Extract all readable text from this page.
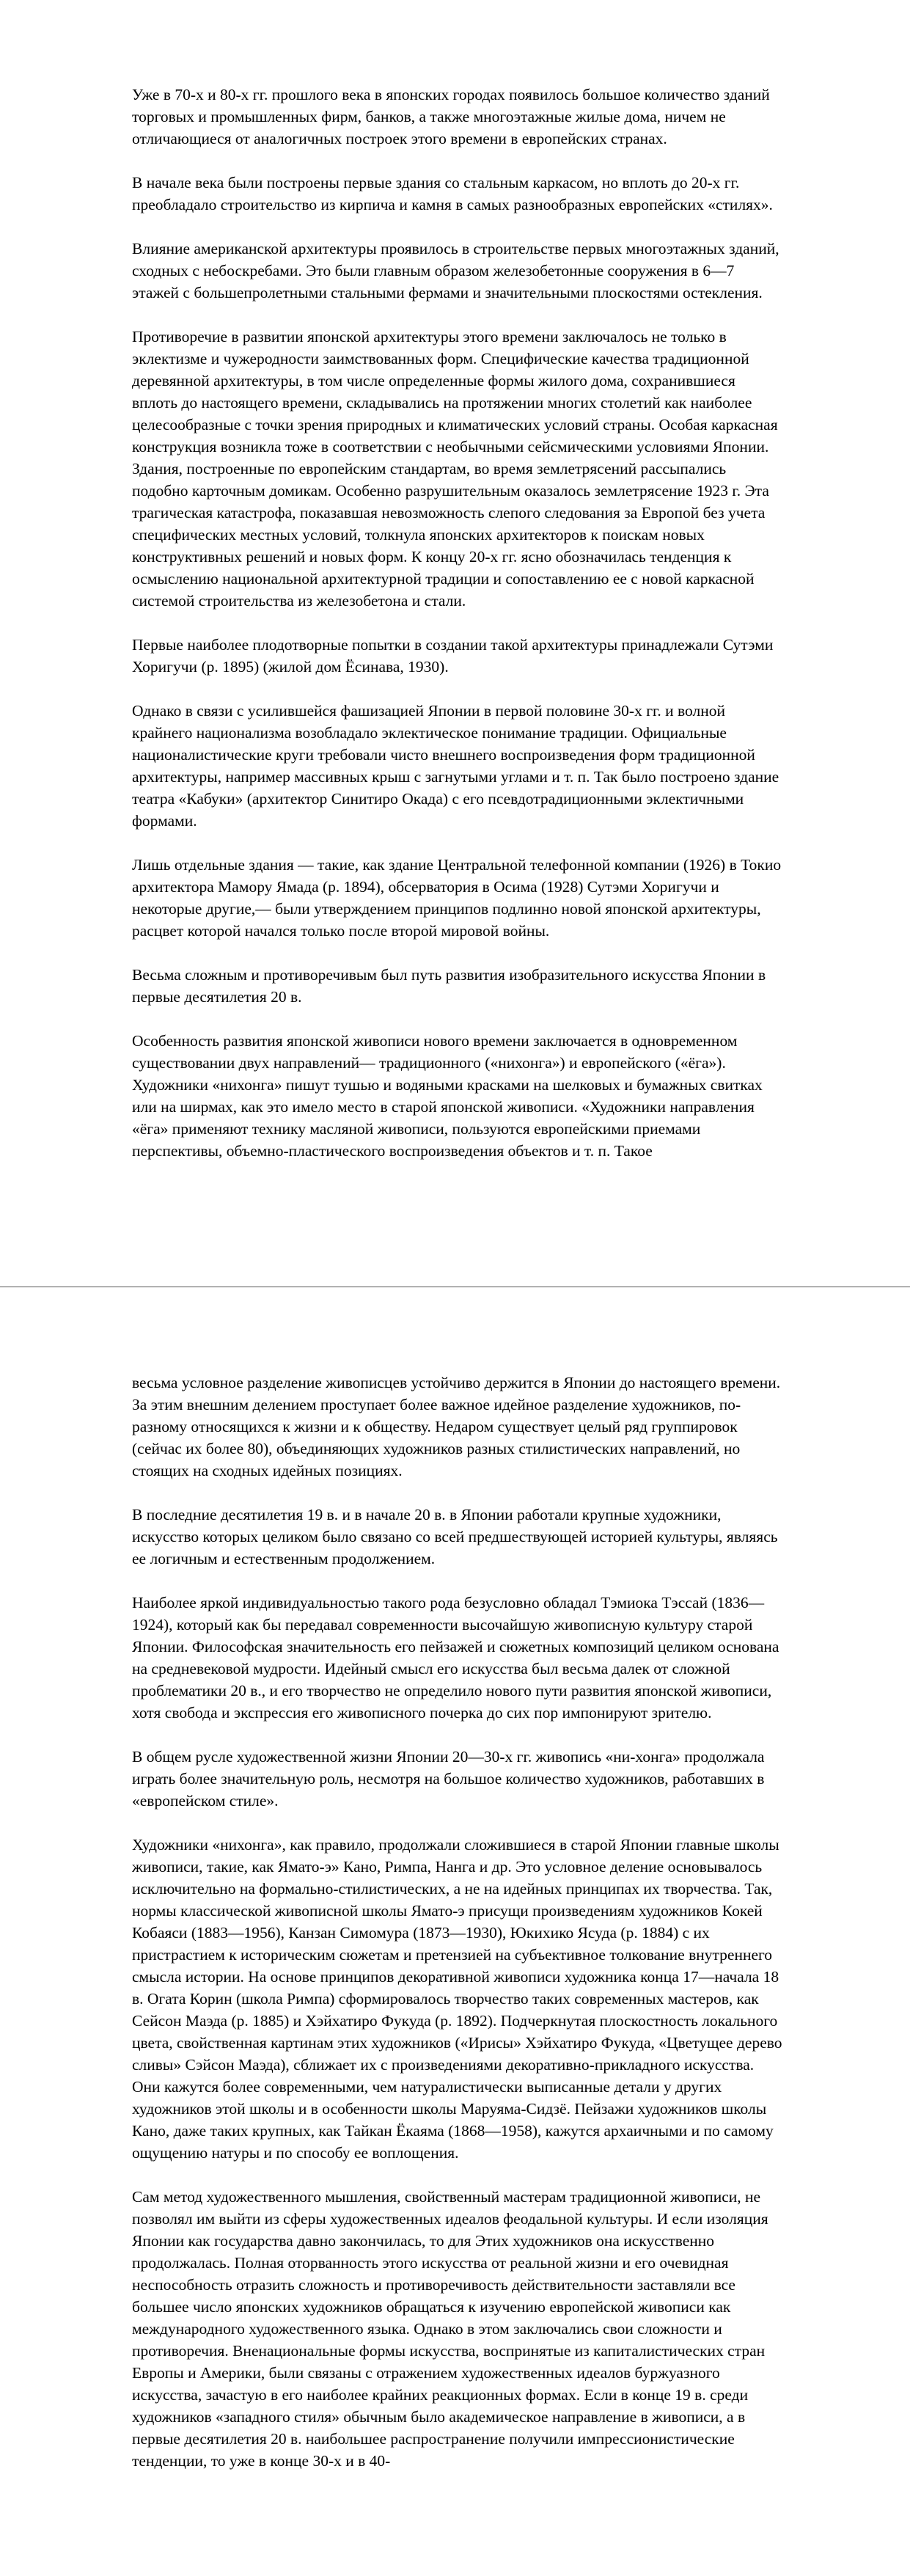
Уже в 70-х и 80-х гг. прошлого века в японских городах появилось большое количество зданий торговых и промышленных фирм, банков, а также многоэтажные жилые дома, ничем не отличающиеся от аналогичных построек этого времени в европейских странах.

В начале века были построены первые здания со стальным каркасом, но вплоть до 20-х гг. преобладало строительство из кирпича и камня в самых разнообразных европейских «стилях».

Влияние американской архитектуры проявилось в строительстве первых многоэтажных зданий, сходных с небоскребами. Это были главным образом железобетонные сооружения в 6—7 этажей с большепролетными стальными фермами и значительными плоскостями остекления.

Противоречие в развитии японской архитектуры этого времени заключалось не только в эклектизме и чужеродности заимствованных форм. Специфические качества традиционной деревянной архитектуры, в том числе определенные формы жилого дома, сохранившиеся вплоть до настоящего времени, складывались на протяжении многих столетий как наиболее целесообразные с точки зрения природных и климатических условий страны. Особая каркасная конструкция возникла тоже в соответствии с необычными сейсмическими условиями Японии. Здания, построенные по европейским стандартам, во время землетрясений рассыпались подобно карточным домикам. Особенно разрушительным оказалось землетрясение 1923 г. Эта трагическая катастрофа, показавшая невозможность слепого следования за Европой без учета специфических местных условий, толкнула японских архитекторов к поискам новых конструктивных решений и новых форм. К концу 20-х гг. ясно обозначилась тенденция к осмыслению национальной архитектурной традиции и сопоставлению ее с новой каркасной системой строительства из железобетона и стали.

Первые наиболее плодотворные попытки в создании такой архитектуры принадлежали Сутэми Хоригучи (р. 1895) (жилой дом Ёсинава, 1930).

Однако в связи с усилившейся фашизацией Японии в первой половине 30-х гг. и волной крайнего национализма возобладало эклектическое понимание традиции. Официальные националистические круги требовали чисто внешнего воспроизведения форм традиционной архитектуры, например массивных крыш с загнутыми углами и т. п. Так было построено здание театра «Кабуки» (архитектор Синитиро Окада) с его псевдотрадиционными эклектичными формами.

Лишь отдельные здания — такие, как здание Центральной телефонной компании (1926) в Токио архитектора Мамору Ямада (р. 1894), обсерватория в Осима (1928) Сутэми Хоригучи и некоторые другие,— были утверждением принципов подлинно новой японской архитектуры, расцвет которой начался только после второй мировой войны.

Весьма сложным и противоречивым был путь развития изобразительного искусства Японии в первые десятилетия 20 в.

Особенность развития японской живописи нового времени заключается в одновременном существовании двух направлений— традиционного («нихонга») и европейского («ёга»). Художники «нихонга» пишут тушью и водяными красками на шелковых и бумажных свитках или на ширмах, как это имело место в старой японской живописи. «Художники направления «ёга» применяют технику масляной живописи, пользуются европейскими приемами перспективы, объемно-пластического воспроизведения объектов и т. п. Такое

весьма условное разделение живописцев устойчиво держится в Японии до настоящего времени. За этим внешним делением проступает более важное идейное разделение художников, по-разному относящихся к жизни и к обществу. Недаром существует целый ряд группировок (сейчас их более 80), объединяющих художников разных стилистических направлений, но стоящих на сходных идейных позициях.

В последние десятилетия 19 в. и в начале 20 в. в Японии работали крупные художники, искусство которых целиком было связано со всей предшествующей историей культуры, являясь ее логичным и естественным продолжением.

Наиболее яркой индивидуальностью такого рода безусловно обладал Тэмиока Тэссай (1836—1924), который как бы передавал современности высочайшую живописную культуру старой Японии. Философская значительность его пейзажей и сюжетных композиций целиком основана на средневековой мудрости. Идейный смысл его искусства был весьма далек от сложной проблематики 20 в., и его творчество не определило нового пути развития японской живописи, хотя свобода и экспрессия его живописного почерка до сих пор импонируют зрителю.

В общем русле художественной жизни Японии 20—30-х гг. живопись «ни-хонга» продолжала играть более значительную роль, несмотря на большое количество художников, работавших в «европейском стиле».

Художники «нихонга», как правило, продолжали сложившиеся в старой Японии главные школы живописи, такие, как Ямато-э» Кано, Римпа, Нанга и др. Это условное деление основывалось исключительно на формально-стилистических, а не на идейных принципах их творчества. Так, нормы классической живописной школы Ямато-э присущи произведениям художников Кокей Кобаяси (1883—1956), Канзан Симомура (1873—1930), Юкихико Ясуда (р. 1884) с их пристрастием к историческим сюжетам и претензией на субъективное толкование внутреннего смысла истории. На основе принципов декоративной живописи художника конца 17—начала 18 в. Огата Корин (школа Римпа) сформировалось творчество таких современных мастеров, как Сейсон Маэда (р. 1885) и Хэйхатиро Фукуда (р. 1892). Подчеркнутая плоскостность локального цвета, свойственная картинам этих художников («Ирисы» Хэйхатиро Фукуда, «Цветущее дерево сливы» Сэйсон Маэда), сближает их с произведениями декоративно-прикладного искусства. Они кажутся более современными, чем натуралистически выписанные детали у других художников этой школы и в особенности школы Маруяма-Сидзё. Пейзажи художников школы Кано, даже таких крупных, как Тайкан Ёкаяма (1868—1958), кажутся архаичными и по самому ощущению натуры и по способу ее воплощения.

Сам метод художественного мышления, свойственный мастерам традиционной живописи, не позволял им выйти из сферы художественных идеалов феодальной культуры. И если изоляция Японии как государства давно закончилась, то для Этих художников она искусственно продолжалась. Полная оторванность этого искусства от реальной жизни и его очевидная неспособность отразить сложность и противоречивость действительности заставляли все большее число японских художников обращаться к изучению европейской живописи как международного художественного языка. Однако в этом заключались свои сложности и противоречия. Вненациональные формы искусства, воспринятые из капиталистических стран Европы и Америки, были связаны с отражением художественных идеалов буржуазного искусства, зачастую в его наиболее крайних реакционных формах. Если в конце 19 в. среди художников «западного стиля» обычным было академическое направление в живописи, а в первые десятилетия 20 в. наибольшее распространение получили импрессионистические тенденции, то уже в конце 30-х и в 40-
